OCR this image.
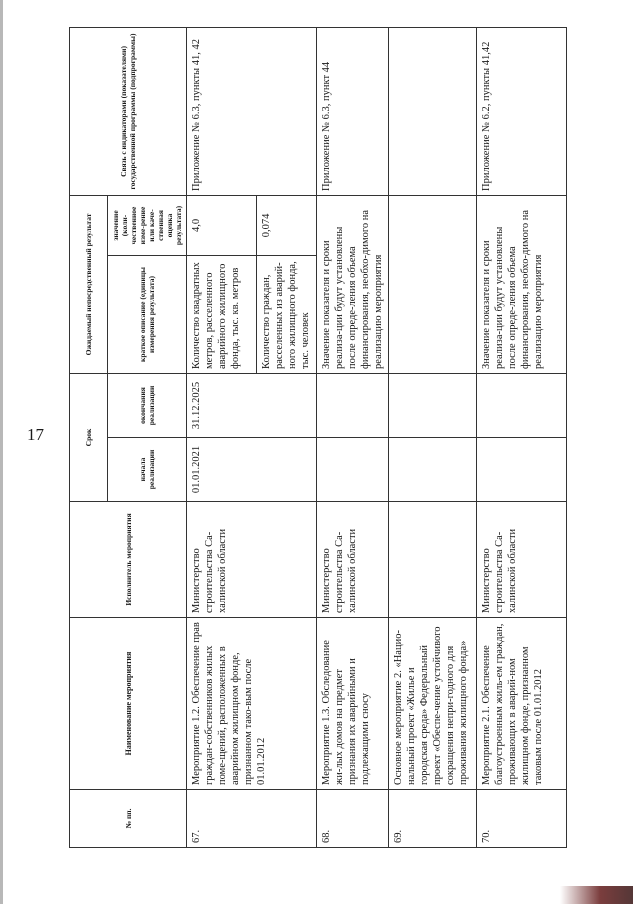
17
№ пп.	Наименование мероприятия	Исполнитель мероприятия	Срок		Ожидаемый непосредственный результат		Связь с индикаторами (показателями) государственной программы (подпрограммы)
			начала реализации	окончания реализации	краткое описание (единицы измерения результата)	значение (коли-чественное изме-рение или каче-ственная оценка результата)	
67.	Мероприятие 1.2. Обеспечение прав граждан-собственников жилых поме-щений, расположенных в аварийном жилищном фонде, признанном тако-вым после 01.01.2012	Министерство строительства Са-халинской области	01.01.2021	31.12.2025	Количество квадратных метров, расселенного аварийного жилищного фонда, тыс. кв. метров	4,0	Приложение № 6.3, пункты 41, 42
					Количество граждан, расселенных из аварий-ного жилищного фонда, тыс. человек	0,074	
68.	Мероприятие 1.3. Обследование жи-лых домов на предмет признания их аварийными и подлежащими сносу	Министерство строительства Са-халинской области			Значение показателя и сроки реализа-ции будут установлены после опреде-ления объема финансирования, необхо-димого на реализацию мероприятия		Приложение № 6.3, пункт 44
69.	Основное мероприятие 2. «Нацио-нальный проект «Жилье и городская среда» Федеральный проект «Обеспе-чение устойчивого сокращения непри-годного для проживания жилищного фонда»						
70.	Мероприятие 2.1. Обеспечение благоустроенным жиль-ем граждан, проживающих в аварий-ном жилищном фонде, признанном таковым после 01.01.2012	Министерство строительства Са-халинской области			Значение показателя и сроки реализа-ции будут установлены после опреде-ления объема финансирования, необхо-димого на реализацию мероприятия		Приложение № 6.2, пункты 41,42
